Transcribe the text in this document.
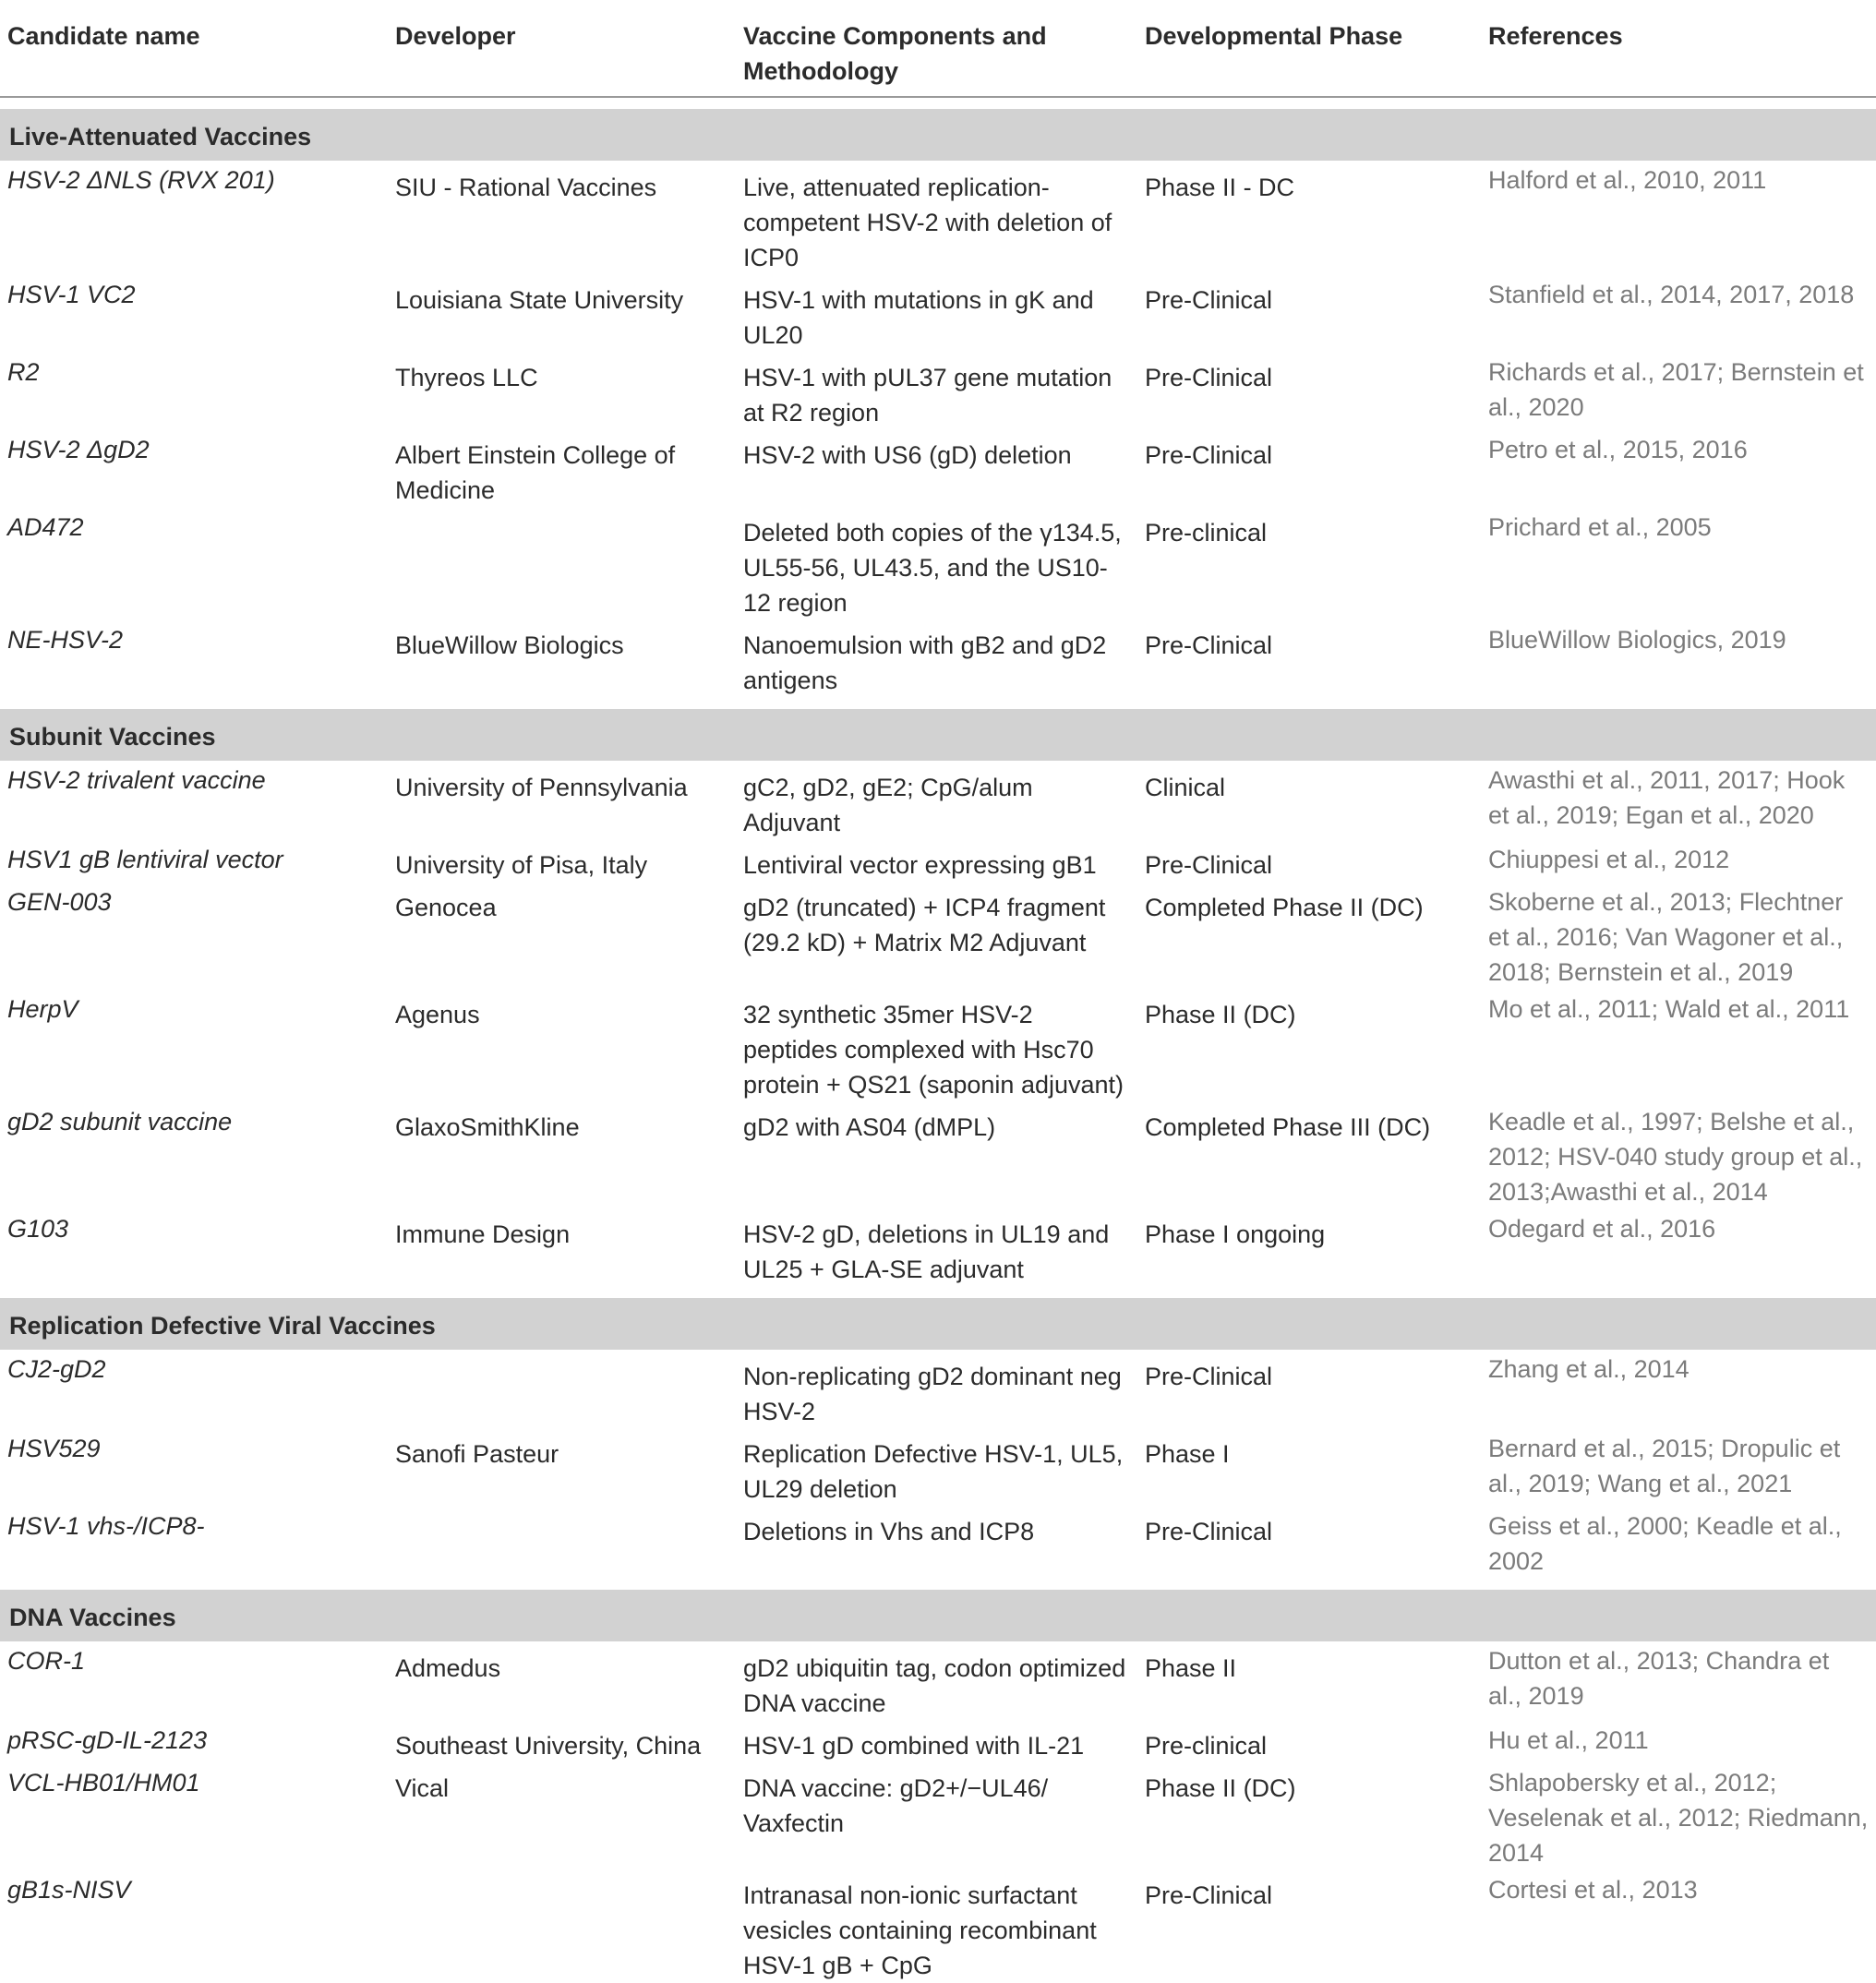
Candidate name	Developer	Vaccine Components and Methodology	Developmental Phase	References

Live-Attenuated Vaccines				
HSV-2 ΔNLS (RVX 201)	SIU - Rational Vaccines	Live, attenuated replication-competent HSV-2 with deletion of ICP0	Phase II - DC	Halford et al., 2010, 2011
HSV-1 VC2	Louisiana State University	HSV-1 with mutations in gK and UL20	Pre-Clinical	Stanfield et al., 2014, 2017, 2018
R2	Thyreos LLC	HSV-1 with pUL37 gene mutation at R2 region	Pre-Clinical	Richards et al., 2017; Bernstein et al., 2020
HSV-2 ΔgD2	Albert Einstein College of Medicine	HSV-2 with US6 (gD) deletion	Pre-Clinical	Petro et al., 2015, 2016
AD472		Deleted both copies of the γ134.5, UL55-56, UL43.5, and the US10-12 region	Pre-clinical	Prichard et al., 2005
NE-HSV-2	BlueWillow Biologics	Nanoemulsion with gB2 and gD2 antigens	Pre-Clinical	BlueWillow Biologics, 2019

Subunit Vaccines				
HSV-2 trivalent vaccine	University of Pennsylvania	gC2, gD2, gE2; CpG/alum Adjuvant	Clinical	Awasthi et al., 2011, 2017; Hook et al., 2019; Egan et al., 2020
HSV1 gB lentiviral vector	University of Pisa, Italy	Lentiviral vector expressing gB1	Pre-Clinical	Chiuppesi et al., 2012
GEN-003	Genocea	gD2 (truncated) + ICP4 fragment (29.2 kD) + Matrix M2 Adjuvant	Completed Phase II (DC)	Skoberne et al., 2013; Flechtner et al., 2016; Van Wagoner et al., 2018; Bernstein et al., 2019
HerpV	Agenus	32 synthetic 35mer HSV-2 peptides complexed with Hsc70 protein + QS21 (saponin adjuvant)	Phase II (DC)	Mo et al., 2011; Wald et al., 2011
gD2 subunit vaccine	GlaxoSmithKline	gD2 with AS04 (dMPL)	Completed Phase III (DC)	Keadle et al., 1997; Belshe et al., 2012; HSV-040 study group et al., 2013;Awasthi et al., 2014
G103	Immune Design	HSV-2 gD, deletions in UL19 and UL25 + GLA-SE adjuvant	Phase I ongoing	Odegard et al., 2016

Replication Defective Viral Vaccines				
CJ2-gD2		Non-replicating gD2 dominant neg HSV-2	Pre-Clinical	Zhang et al., 2014
HSV529	Sanofi Pasteur	Replication Defective HSV-1, UL5, UL29 deletion	Phase I	Bernard et al., 2015; Dropulic et al., 2019; Wang et al., 2021
HSV-1 vhs-/ICP8-		Deletions in Vhs and ICP8	Pre-Clinical	Geiss et al., 2000; Keadle et al., 2002

DNA Vaccines				
COR-1	Admedus	gD2 ubiquitin tag, codon optimized DNA vaccine	Phase II	Dutton et al., 2013; Chandra et al., 2019
pRSC-gD-IL-2123	Southeast University, China	HSV-1 gD combined with IL-21	Pre-clinical	Hu et al., 2011
VCL-HB01/HM01	Vical	DNA vaccine: gD2+/−UL46/ Vaxfectin	Phase II (DC)	Shlapobersky et al., 2012; Veselenak et al., 2012; Riedmann, 2014
gB1s-NISV		Intranasal non-ionic surfactant vesicles containing recombinant HSV-1 gB + CpG	Pre-Clinical	Cortesi et al., 2013
